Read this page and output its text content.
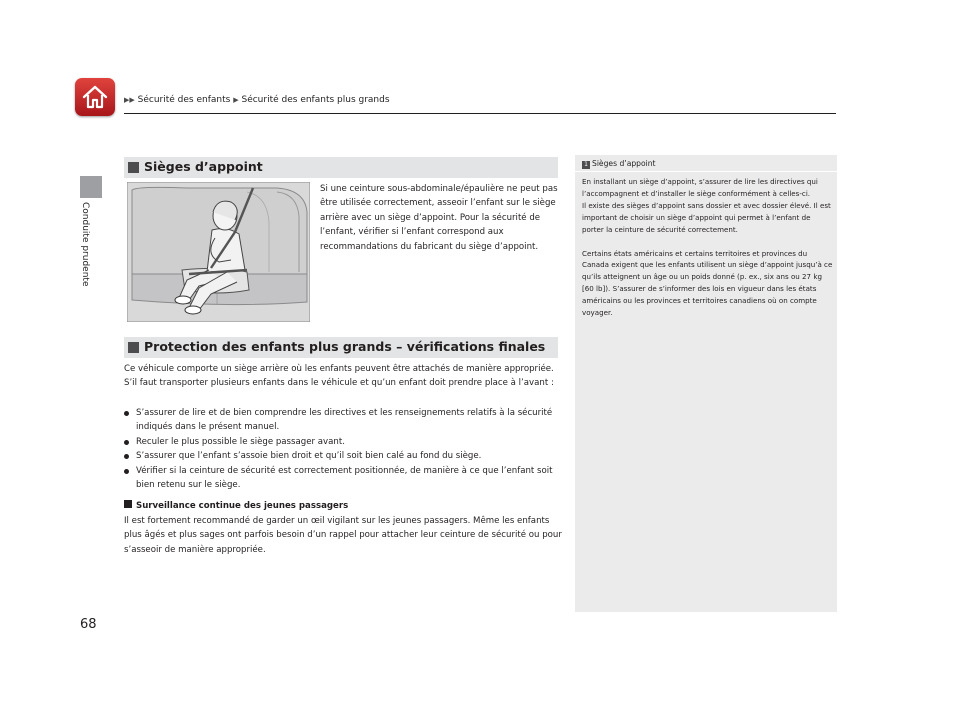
▶▶ Sécurité des enfants ▶ Sécurité des enfants plus grands
Conduite prudente
Sièges d’appoint
Si une ceinture sous-abdominale/épaulière ne peut pas être utilisée correctement, asseoir l’enfant sur le siège arrière avec un siège d’appoint. Pour la sécurité de l’enfant, vérifier si l’enfant correspond aux recommandations du fabricant du siège d’appoint.
Protection des enfants plus grands – vérifications finales
Ce véhicule comporte un siège arrière où les enfants peuvent être attachés de manière appropriée. S’il faut transporter plusieurs enfants dans le véhicule et qu’un enfant doit prendre place à l’avant :
S’assurer de lire et de bien comprendre les directives et les renseignements relatifs à la sécurité indiqués dans le présent manuel.
Reculer le plus possible le siège passager avant.
S’assurer que l’enfant s’assoie bien droit et qu’il soit bien calé au fond du siège.
Vérifier si la ceinture de sécurité est correctement positionnée, de manière à ce que l’enfant soit bien retenu sur le siège.
Surveillance continue des jeunes passagers
Il est fortement recommandé de garder un œil vigilant sur les jeunes passagers. Même les enfants plus âgés et plus sages ont parfois besoin d’un rappel pour attacher leur ceinture de sécurité ou pour s’asseoir de manière appropriée.
1 Sièges d’appoint

En installant un siège d’appoint, s’assurer de lire les directives qui l’accompagnent et d’installer le siège conformément à celles-ci.

Il existe des sièges d’appoint sans dossier et avec dossier élevé. Il est important de choisir un siège d’appoint qui permet à l’enfant de porter la ceinture de sécurité correctement.

Certains états américains et certains territoires et provinces du Canada exigent que les enfants utilisent un siège d’appoint jusqu’à ce qu’ils atteignent un âge ou un poids donné (p. ex., six ans ou 27 kg [60 lb]). S’assurer de s’informer des lois en vigueur dans les états américains ou les provinces et territoires canadiens où on compte voyager.

68
